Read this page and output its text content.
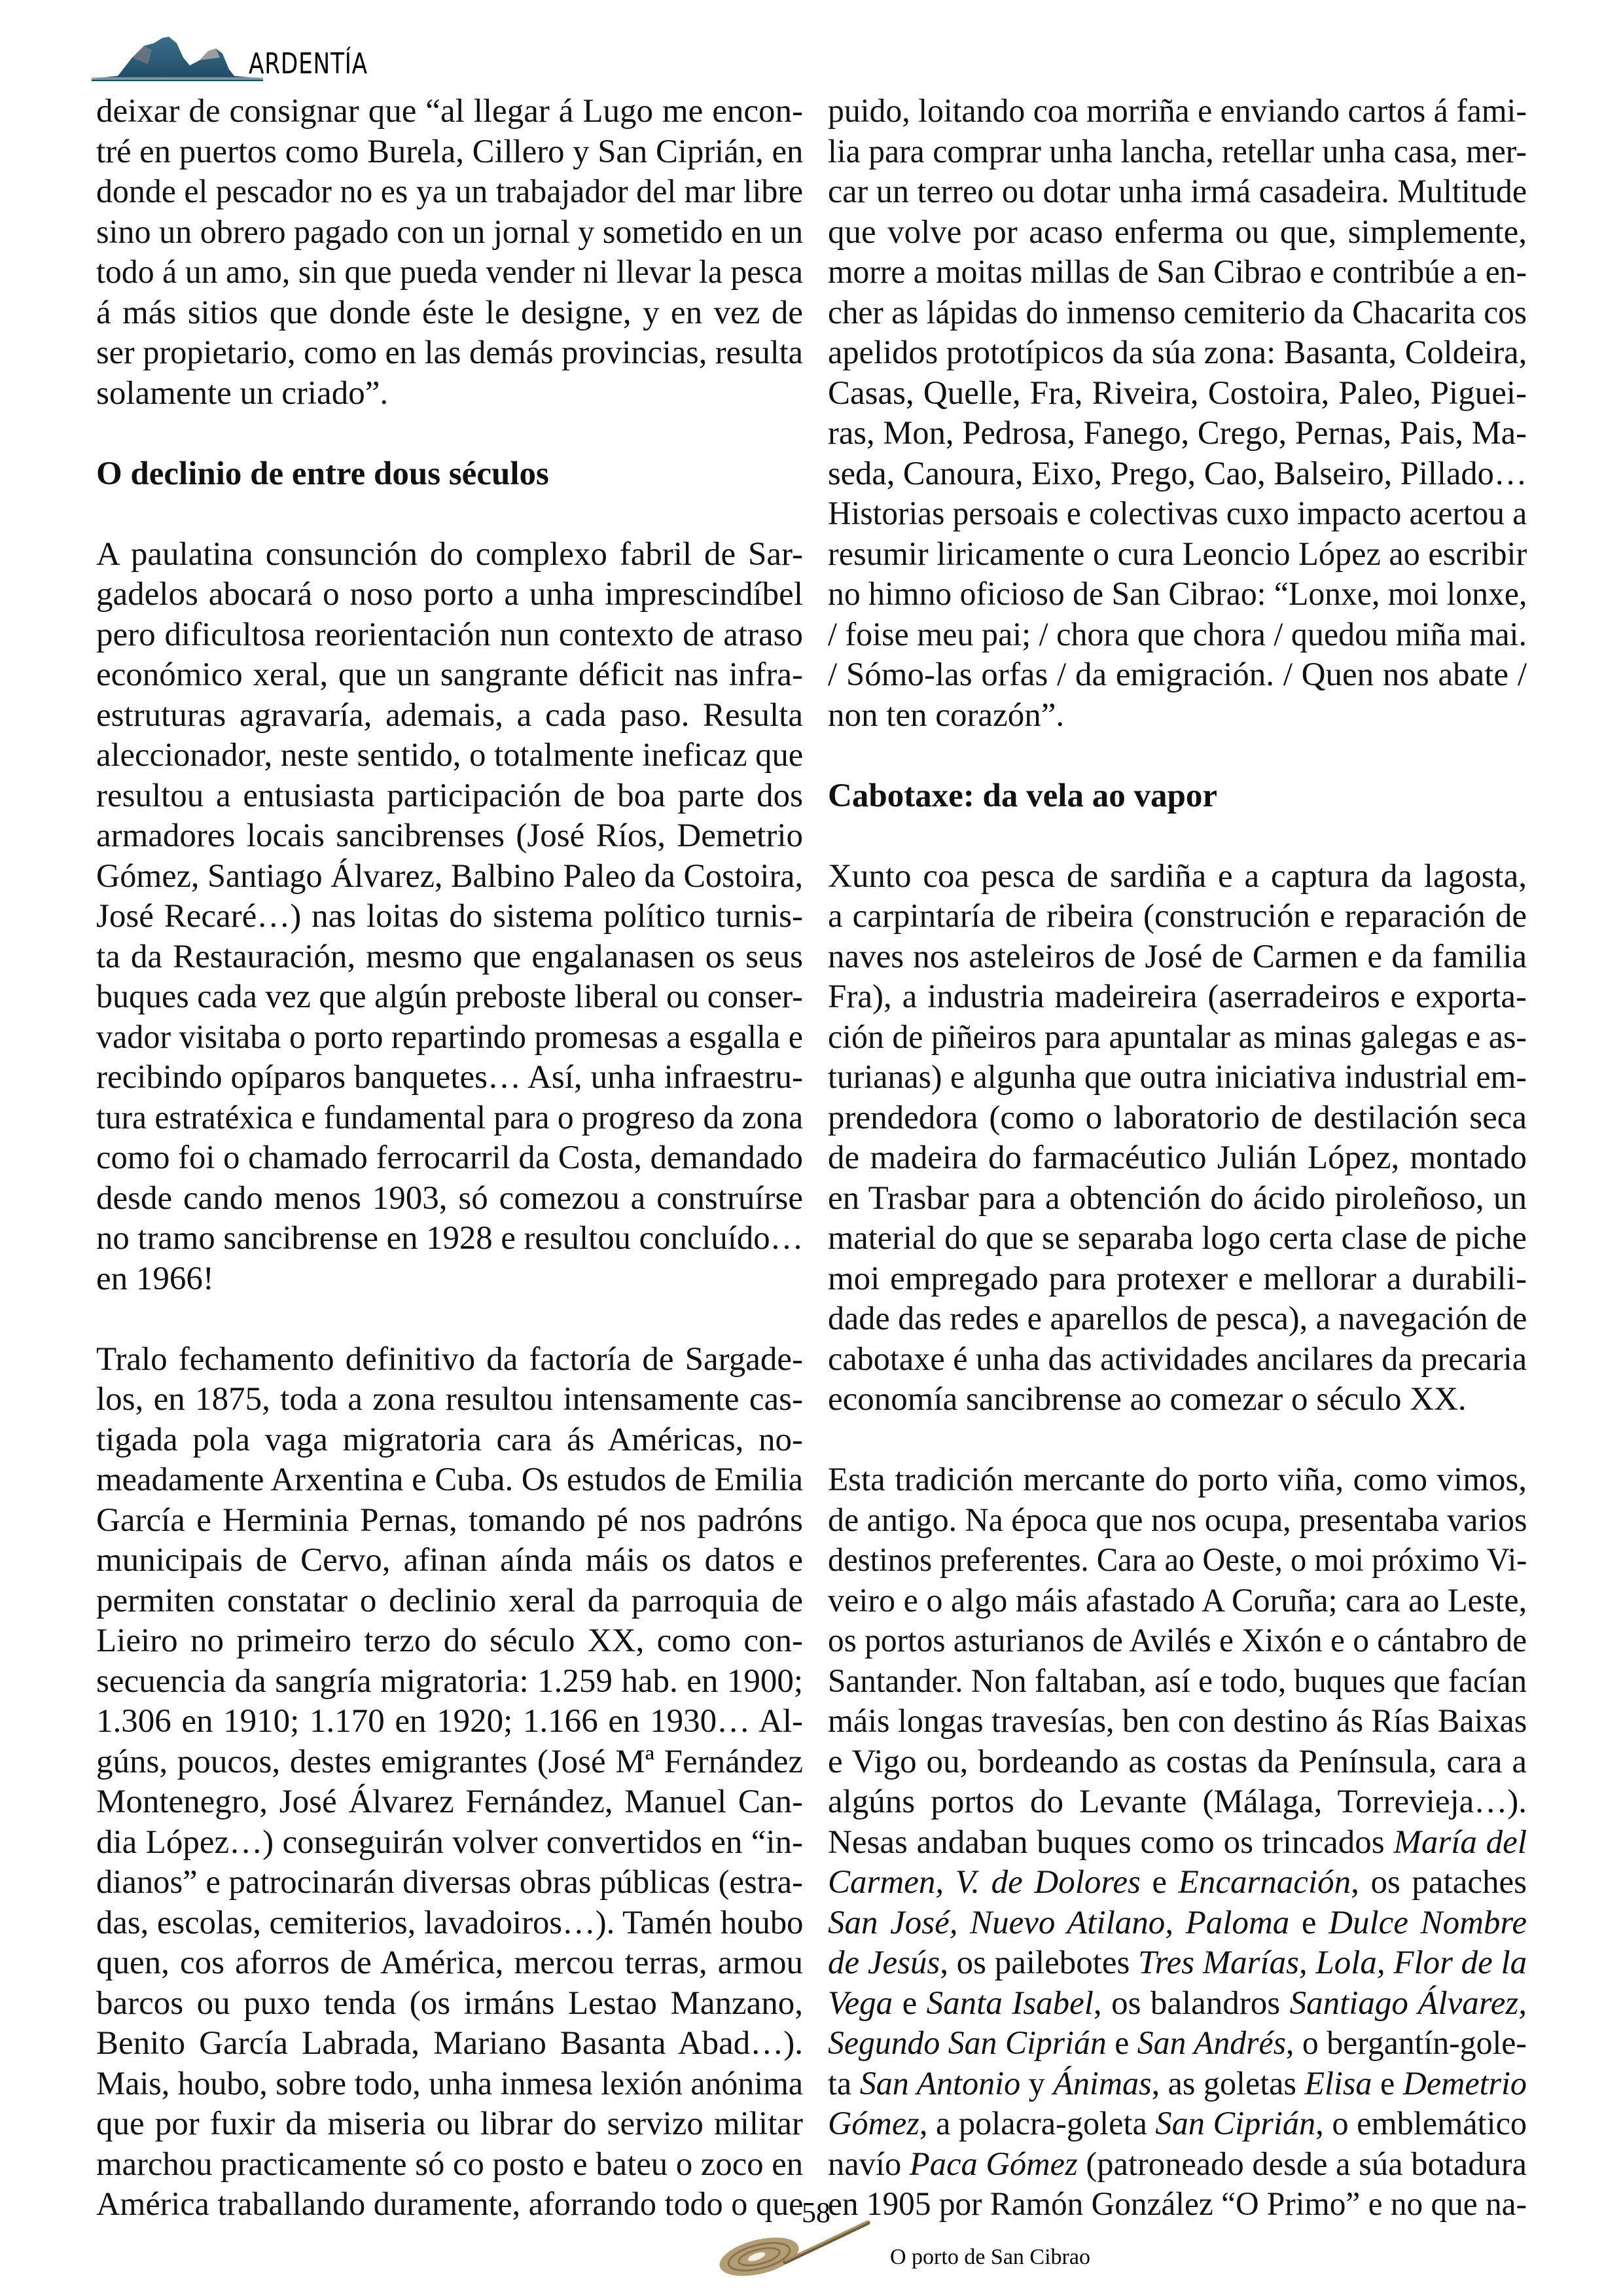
ARDENTÍA
deixar de consignar que “al llegar á Lugo me encon-
tré en puertos como Burela, Cillero y San Ciprián, en
donde el pescador no es ya un trabajador del mar libre
sino un obrero pagado con un jornal y sometido en un
todo á un amo, sin que pueda vender ni llevar la pesca
á más sitios que donde éste le designe, y en vez de
ser propietario, como en las demás provincias, resulta
solamente un criado”.
O declinio de entre dous séculos
A paulatina consunción do complexo fabril de Sar-
gadelos abocará o noso porto a unha imprescindíbel
pero dificultosa reorientación nun contexto de atraso
económico xeral, que un sangrante déficit nas infra-
estruturas agravaría, ademais, a cada paso. Resulta
aleccionador, neste sentido, o totalmente ineficaz que
resultou a entusiasta participación de boa parte dos
armadores locais sancibrenses (José Ríos, Demetrio
Gómez, Santiago Álvarez, Balbino Paleo da Costoira,
José Recaré…) nas loitas do sistema político turnis-
ta da Restauración, mesmo que engalanasen os seus
buques cada vez que algún preboste liberal ou conser-
vador visitaba o porto repartindo promesas a esgalla e
recibindo opíparos banquetes… Así, unha infraestru-
tura estratéxica e fundamental para o progreso da zona
como foi o chamado ferrocarril da Costa, demandado
desde cando menos 1903, só comezou a construírse
no tramo sancibrense en 1928 e resultou concluído…
en 1966!
Tralo fechamento definitivo da factoría de Sargade-
los, en 1875, toda a zona resultou intensamente cas-
tigada pola vaga migratoria cara ás Américas, no-
meadamente Arxentina e Cuba. Os estudos de Emilia
García e Herminia Pernas, tomando pé nos padróns
municipais de Cervo, afinan aínda máis os datos e
permiten constatar o declinio xeral da parroquia de
Lieiro no primeiro terzo do século XX, como con-
secuencia da sangría migratoria: 1.259 hab. en 1900;
1.306 en 1910; 1.170 en 1920; 1.166 en 1930… Al-
gúns, poucos, destes emigrantes (José Mª Fernández
Montenegro, José Álvarez Fernández, Manuel Can-
dia López…) conseguirán volver convertidos en “in-
dianos” e patrocinarán diversas obras públicas (estra-
das, escolas, cemiterios, lavadoiros…). Tamén houbo
quen, cos aforros de América, mercou terras, armou
barcos ou puxo tenda (os irmáns Lestao Manzano,
Benito García Labrada, Mariano Basanta Abad…).
Mais, houbo, sobre todo, unha inmesa lexión anónima
que por fuxir da miseria ou librar do servizo militar
marchou practicamente só co posto e bateu o zoco en
América traballando duramente, aforrando todo o que
puido, loitando coa morriña e enviando cartos á fami-
lia para comprar unha lancha, retellar unha casa, mer-
car un terreo ou dotar unha irmá casadeira. Multitude
que volve por acaso enferma ou que, simplemente,
morre a moitas millas de San Cibrao e contribúe a en-
cher as lápidas do inmenso cemiterio da Chacarita cos
apelidos prototípicos da súa zona: Basanta, Coldeira,
Casas, Quelle, Fra, Riveira, Costoira, Paleo, Piguei-
ras, Mon, Pedrosa, Fanego, Crego, Pernas, Pais, Ma-
seda, Canoura, Eixo, Prego, Cao, Balseiro, Pillado…
Historias persoais e colectivas cuxo impacto acertou a
resumir liricamente o cura Leoncio López ao escribir
no himno oficioso de San Cibrao: “Lonxe, moi lonxe,
/ foise meu pai; / chora que chora / quedou miña mai.
/ Sómo-las orfas / da emigración. / Quen nos abate /
non ten corazón”.
Cabotaxe: da vela ao vapor
Xunto coa pesca de sardiña e a captura da lagosta,
a carpintaría de ribeira (construción e reparación de
naves nos asteleiros de José de Carmen e da familia
Fra), a industria madeireira (aserradeiros e exporta-
ción de piñeiros para apuntalar as minas galegas e as-
turianas) e algunha que outra iniciativa industrial em-
prendedora (como o laboratorio de destilación seca
de madeira do farmacéutico Julián López, montado
en Trasbar para a obtención do ácido piroleñoso, un
material do que se separaba logo certa clase de piche
moi empregado para protexer e mellorar a durabili-
dade das redes e aparellos de pesca), a navegación de
cabotaxe é unha das actividades ancilares da precaria
economía sancibrense ao comezar o século XX.
Esta tradición mercante do porto viña, como vimos,
de antigo. Na época que nos ocupa, presentaba varios
destinos preferentes. Cara ao Oeste, o moi próximo Vi-
veiro e o algo máis afastado A Coruña; cara ao Leste,
os portos asturianos de Avilés e Xixón e o cántabro de
Santander. Non faltaban, así e todo, buques que facían
máis longas travesías, ben con destino ás Rías Baixas
e Vigo ou, bordeando as costas da Península, cara a
algúns portos do Levante (Málaga, Torrevieja…).
Nesas andaban buques como os trincados María del
Carmen, V. de Dolores e Encarnación, os pataches
San José, Nuevo Atilano, Paloma e Dulce Nombre
de Jesús, os pailebotes Tres Marías, Lola, Flor de la
Vega e Santa Isabel, os balandros Santiago Álvarez,
Segundo San Ciprián e San Andrés, o bergantín-gole-
ta San Antonio y Ánimas, as goletas Elisa e Demetrio
Gómez, a polacra-goleta San Ciprián, o emblemático
navío Paca Gómez (patroneado desde a súa botadura
en 1905 por Ramón González “O Primo” e no que na-
58
O porto de San Cibrao
